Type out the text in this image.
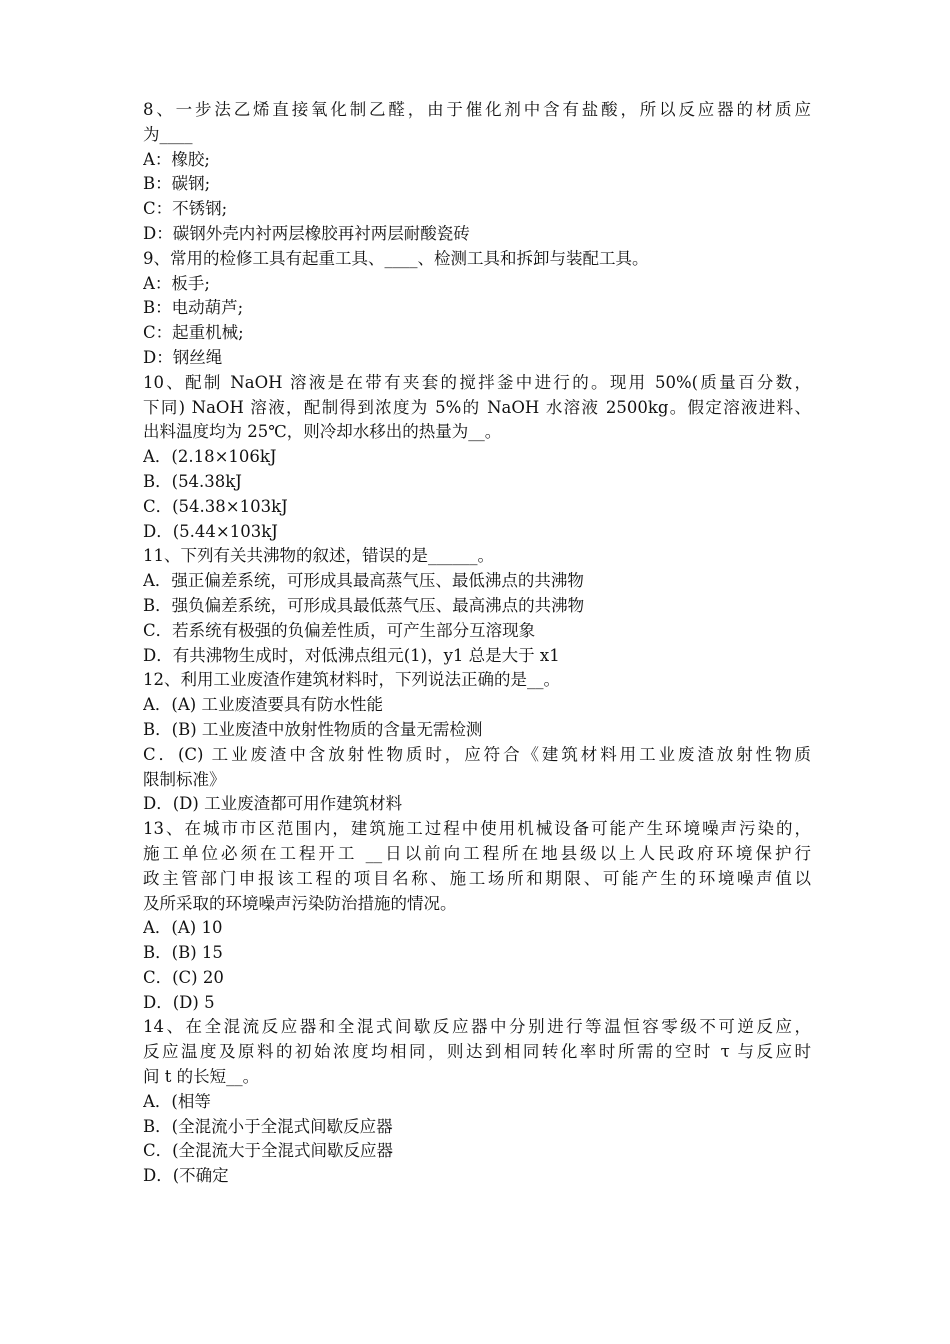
8、一步法乙烯直接氧化制乙醛，由于催化剂中含有盐酸，所以反应器的材质应
为____
A：橡胶;
B：碳钢;
C：不锈钢;
D：碳钢外壳内衬两层橡胶再衬两层耐酸瓷砖
9、常用的检修工具有起重工具、____、检测工具和拆卸与装配工具。
A：板手;
B：电动葫芦;
C：起重机械;
D：钢丝绳
10、配制 NaOH 溶液是在带有夹套的搅拌釜中进行的。现用 50%(质量百分数，
下同) NaOH 溶液，配制得到浓度为 5%的 NaOH 水溶液 2500kg。假定溶液进料、
出料温度均为 25℃，则冷却水移出的热量为__。
A．(2.18×106kJ
B．(54.38kJ
C．(54.38×103kJ
D．(5.44×103kJ
11、下列有关共沸物的叙述，错误的是______。
A．强正偏差系统，可形成具最高蒸气压、最低沸点的共沸物
B．强负偏差系统，可形成具最低蒸气压、最高沸点的共沸物
C．若系统有极强的负偏差性质，可产生部分互溶现象
D．有共沸物生成时，对低沸点组元(1)，y1 总是大于 x1
12、利用工业废渣作建筑材料时，下列说法正确的是__。
A．(A) 工业废渣要具有防水性能
B．(B) 工业废渣中放射性物质的含量无需检测
C．(C) 工业废渣中含放射性物质时，应符合《建筑材料用工业废渣放射性物质
限制标准》
D．(D) 工业废渣都可用作建筑材料
13、在城市市区范围内，建筑施工过程中使用机械设备可能产生环境噪声污染的，
施工单位必须在工程开工 __日以前向工程所在地县级以上人民政府环境保护行
政主管部门申报该工程的项目名称、施工场所和期限、可能产生的环境噪声值以
及所采取的环境噪声污染防治措施的情况。
A．(A) 10
B．(B) 15
C．(C) 20
D．(D) 5
14、在全混流反应器和全混式间歇反应器中分别进行等温恒容零级不可逆反应，
反应温度及原料的初始浓度均相同，则达到相同转化率时所需的空时 τ 与反应时
间 t 的长短__。
A．(相等
B．(全混流小于全混式间歇反应器
C．(全混流大于全混式间歇反应器
D．(不确定
